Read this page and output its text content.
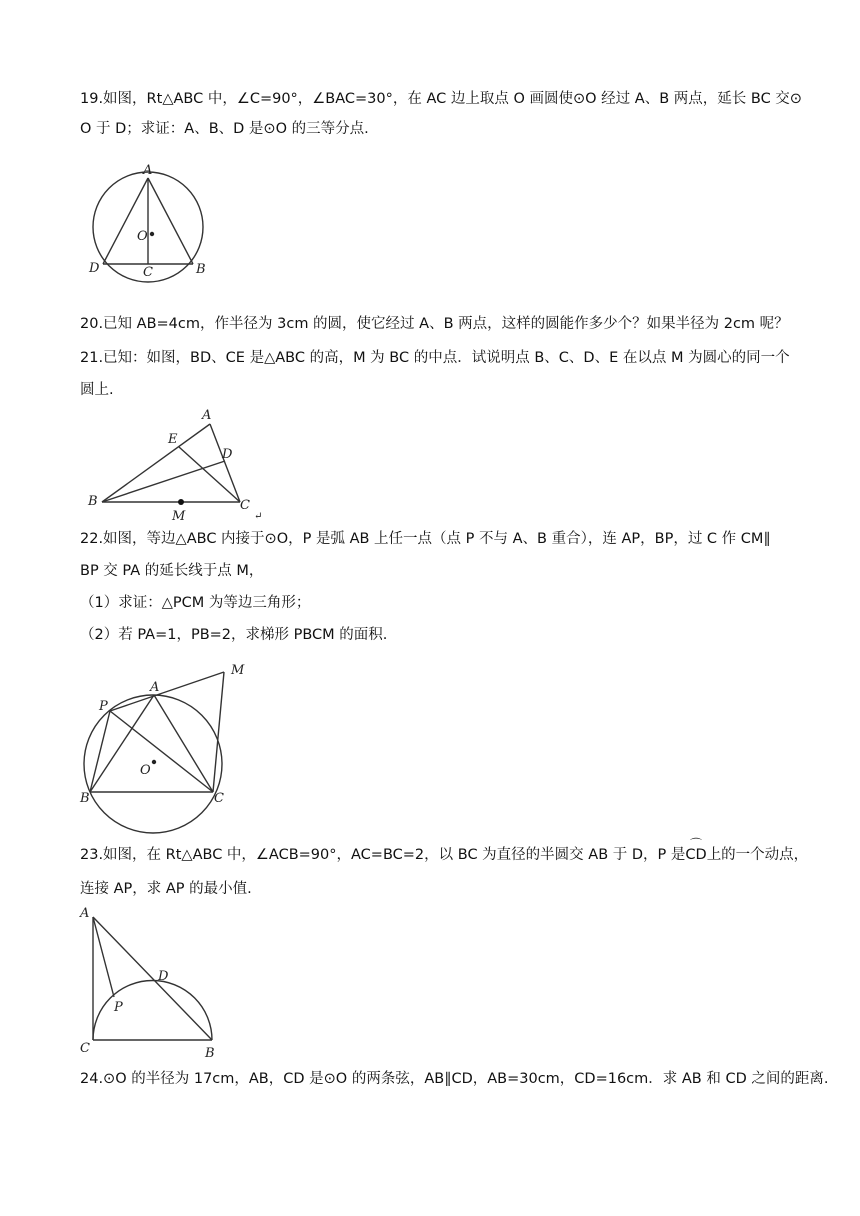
19.如图，Rt△ABC 中，∠C=90°，∠BAC=30°，在 AC 边上取点 O 画圆使⊙O 经过 A、B 两点，延长 BC 交⊙
O 于 D；求证：A、B、D 是⊙O 的三等分点.
A
O
D	C	B
20.已知 AB=4cm，作半径为 3cm 的圆，使它经过 A、B 两点，这样的圆能作多少个？如果半径为 2cm 呢？
21.已知：如图，BD、CE 是△ABC 的高，M 为 BC 的中点．试说明点 B、C、D、E 在以点 M 为圆心的同一个
圆上.
A
E
D
B
M
C
↵
22.如图，等边△ABC 内接于⊙O，P 是弧 AB 上任一点（点 P 不与 A、B 重合），连 AP，BP，过 C 作 CM∥
BP 交 PA 的延长线于点 M，
（1）求证：△PCM 为等边三角形；
（2）若 PA=1，PB=2，求梯形 PBCM 的面积.
M
A
P
O
B	C
23.如图，在 Rt△ABC 中，∠ACB=90°，AC=BC=2，以 BC 为直径的半圆交 AB 于 D，P 是
⌒
CD上的一个动点，
连接 AP，求 AP 的最小值.
A
D
P
C	B
24.⊙O 的半径为 17cm，AB，CD 是⊙O 的两条弦，AB∥CD，AB=30cm，CD=16cm．求 AB 和 CD 之间的距离.
